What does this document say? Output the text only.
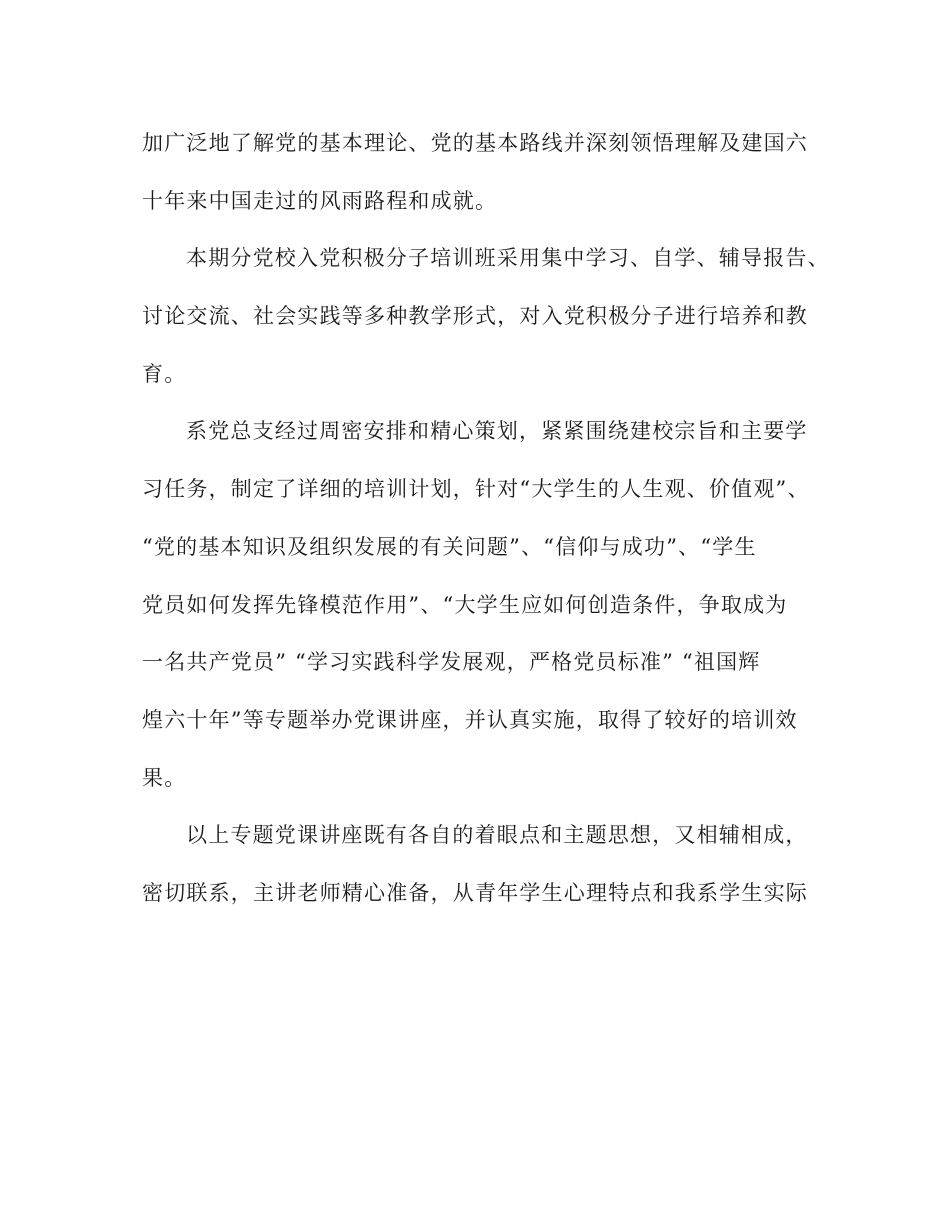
加广泛地了解党的基本理论、党的基本路线并深刻领悟理解及建国六
十年来中国走过的风雨路程和成就。
本期分党校入党积极分子培训班采用集中学习、自学、辅导报告、
讨论交流、社会实践等多种教学形式，对入党积极分子进行培养和教
育。
系党总支经过周密安排和精心策划，紧紧围绕建校宗旨和主要学
习任务，制定了详细的培训计划，针对“大学生的人生观、价值观”、
“党的基本知识及组织发展的有关问题”、“信仰与成功”、“学生
党员如何发挥先锋模范作用”、“大学生应如何创造条件，争取成为
一名共产党员” “学习实践科学发展观，严格党员标准” “祖国辉
煌六十年”等专题举办党课讲座，并认真实施，取得了较好的培训效
果。
以上专题党课讲座既有各自的着眼点和主题思想，又相辅相成，
密切联系，主讲老师精心准备，从青年学生心理特点和我系学生实际
